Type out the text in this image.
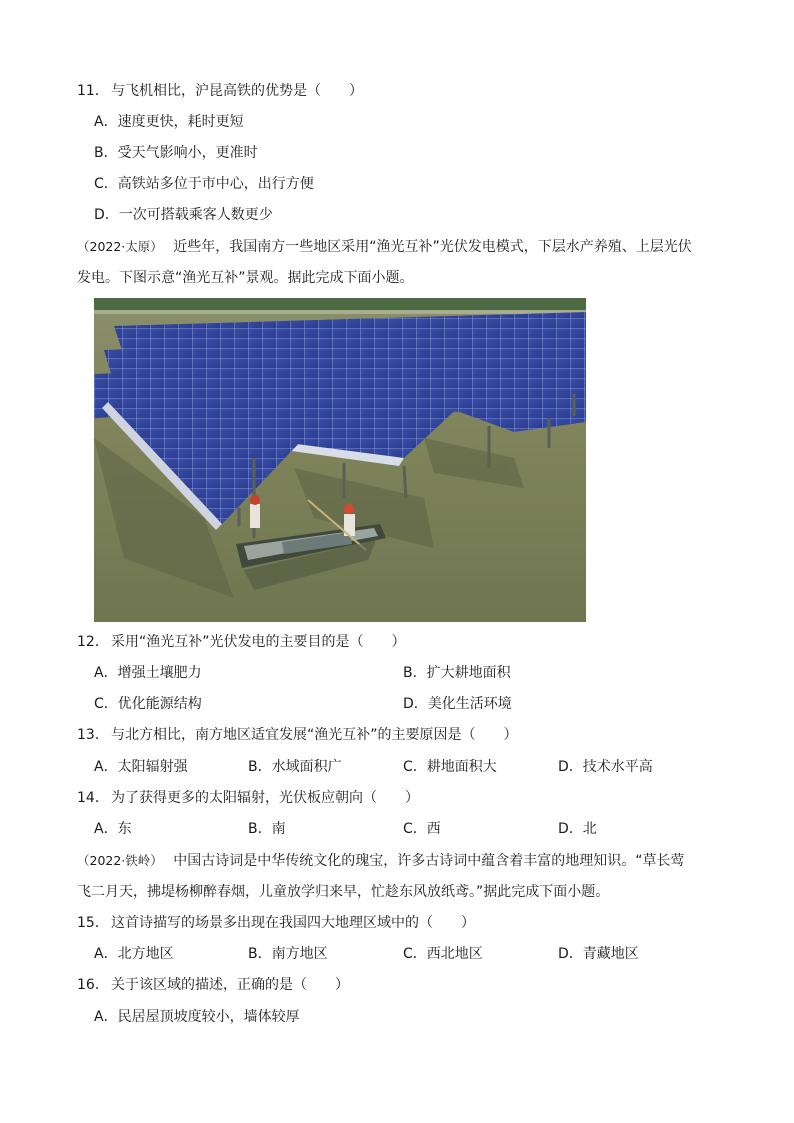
11． 与飞机相比，沪昆高铁的优势是（　　）
A．速度更快，耗时更短
B．受天气影响小，更准时
C．高铁站多位于市中心，出行方便
D．一次可搭载乘客人数更少
（2022·太原） 近些年，我国南方一些地区采用“渔光互补”光伏发电模式，下层水产养殖、上层光伏
发电。下图示意“渔光互补”景观。据此完成下面小题。
12． 采用“渔光互补”光伏发电的主要目的是（　　）
A．增强土壤肥力	B．扩大耕地面积
C．优化能源结构	D．美化生活环境
13． 与北方相比，南方地区适宜发展“渔光互补”的主要原因是（　　）
A．太阳辐射强	B．水域面积广	C．耕地面积大	D．技术水平高
14． 为了获得更多的太阳辐射，光伏板应朝向（　　）
A．东	B．南	C．西	D．北
（2022·铁岭） 中国古诗词是中华传统文化的瑰宝，许多古诗词中蕴含着丰富的地理知识。“草长莺
飞二月天，拂堤杨柳醉春烟，儿童放学归来早，忙趁东风放纸鸢。”据此完成下面小题。
15． 这首诗描写的场景多出现在我国四大地理区域中的（　　）
A．北方地区	B．南方地区	C．西北地区	D．青藏地区
16． 关于该区域的描述，正确的是（　　）
A．民居屋顶坡度较小，墙体较厚
